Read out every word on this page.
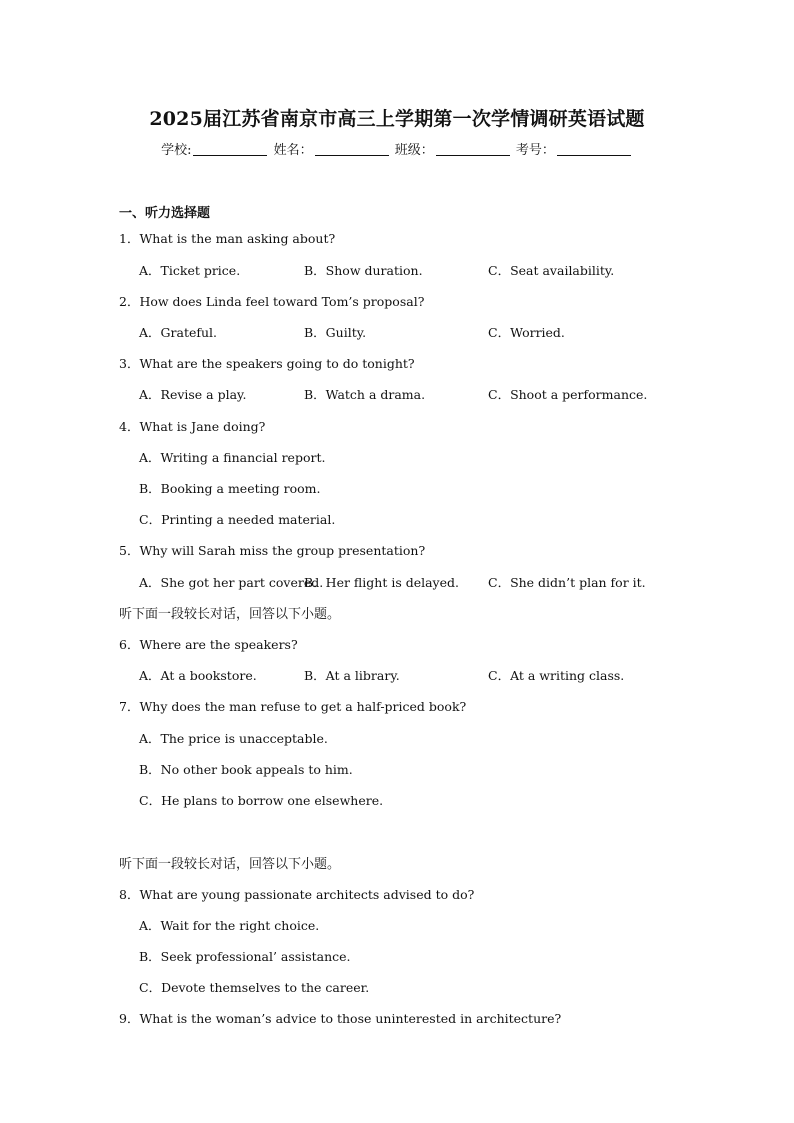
2025届江苏省南京市高三上学期第一次学情调研英语试题
学校:	姓名：	班级：	考号：
一、听力选择题
1．What is the man asking about?
A．Ticket price.	B．Show duration.	C．Seat availability.
2．How does Linda feel toward Tom’s proposal?
A．Grateful.	B．Guilty.	C．Worried.
3．What are the speakers going to do tonight?
A．Revise a play.	B．Watch a drama.	C．Shoot a performance.
4．What is Jane doing?
A．Writing a financial report.
B．Booking a meeting room.
C．Printing a needed material.
5．Why will Sarah miss the group presentation?
A．She got her part covered.
B．Her flight is delayed. C．She didn’t plan for it.
听下面一段较长对话，回答以下小题。
6．Where are the speakers?
A．At a bookstore.	B．At a library.	C．At a writing class.
7．Why does the man refuse to get a half-priced book?
A．The price is unacceptable.
B．No other book appeals to him.
C．He plans to borrow one elsewhere.
听下面一段较长对话，回答以下小题。
8．What are young passionate architects advised to do?
A．Wait for the right choice.
B．Seek professional’ assistance.
C．Devote themselves to the career.
9．What is the woman’s advice to those uninterested in architecture?
